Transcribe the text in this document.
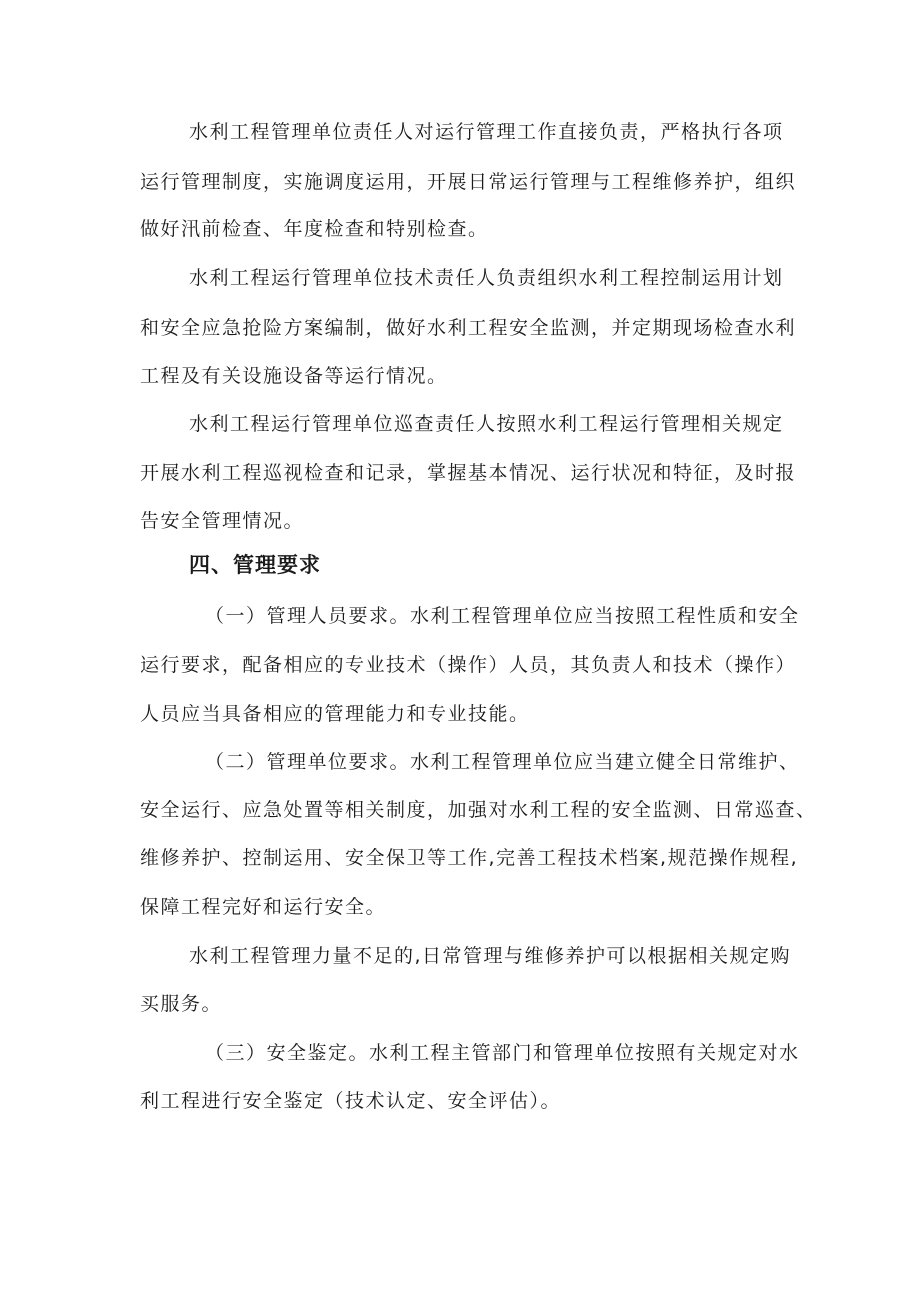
水利工程管理单位责任人对运行管理工作直接负责，严格执行各项
运行管理制度，实施调度运用，开展日常运行管理与工程维修养护，组织
做好汛前检查、年度检查和特别检查。
水利工程运行管理单位技术责任人负责组织水利工程控制运用计划
和安全应急抢险方案编制，做好水利工程安全监测，并定期现场检查水利
工程及有关设施设备等运行情况。
水利工程运行管理单位巡查责任人按照水利工程运行管理相关规定
开展水利工程巡视检查和记录，掌握基本情况、运行状况和特征，及时报
告安全管理情况。
四、管理要求
（一）管理人员要求。水利工程管理单位应当按照工程性质和安全
运行要求，配备相应的专业技术（操作）人员，其负责人和技术（操作）
人员应当具备相应的管理能力和专业技能。
（二）管理单位要求。水利工程管理单位应当建立健全日常维护、
安全运行、应急处置等相关制度，加强对水利工程的安全监测、日常巡查、
维修养护、控制运用、安全保卫等工作,完善工程技术档案,规范操作规程,
保障工程完好和运行安全。
水利工程管理力量不足的,日常管理与维修养护可以根据相关规定购
买服务。
（三）安全鉴定。水利工程主管部门和管理单位按照有关规定对水
利工程进行安全鉴定（技术认定、安全评估）。
